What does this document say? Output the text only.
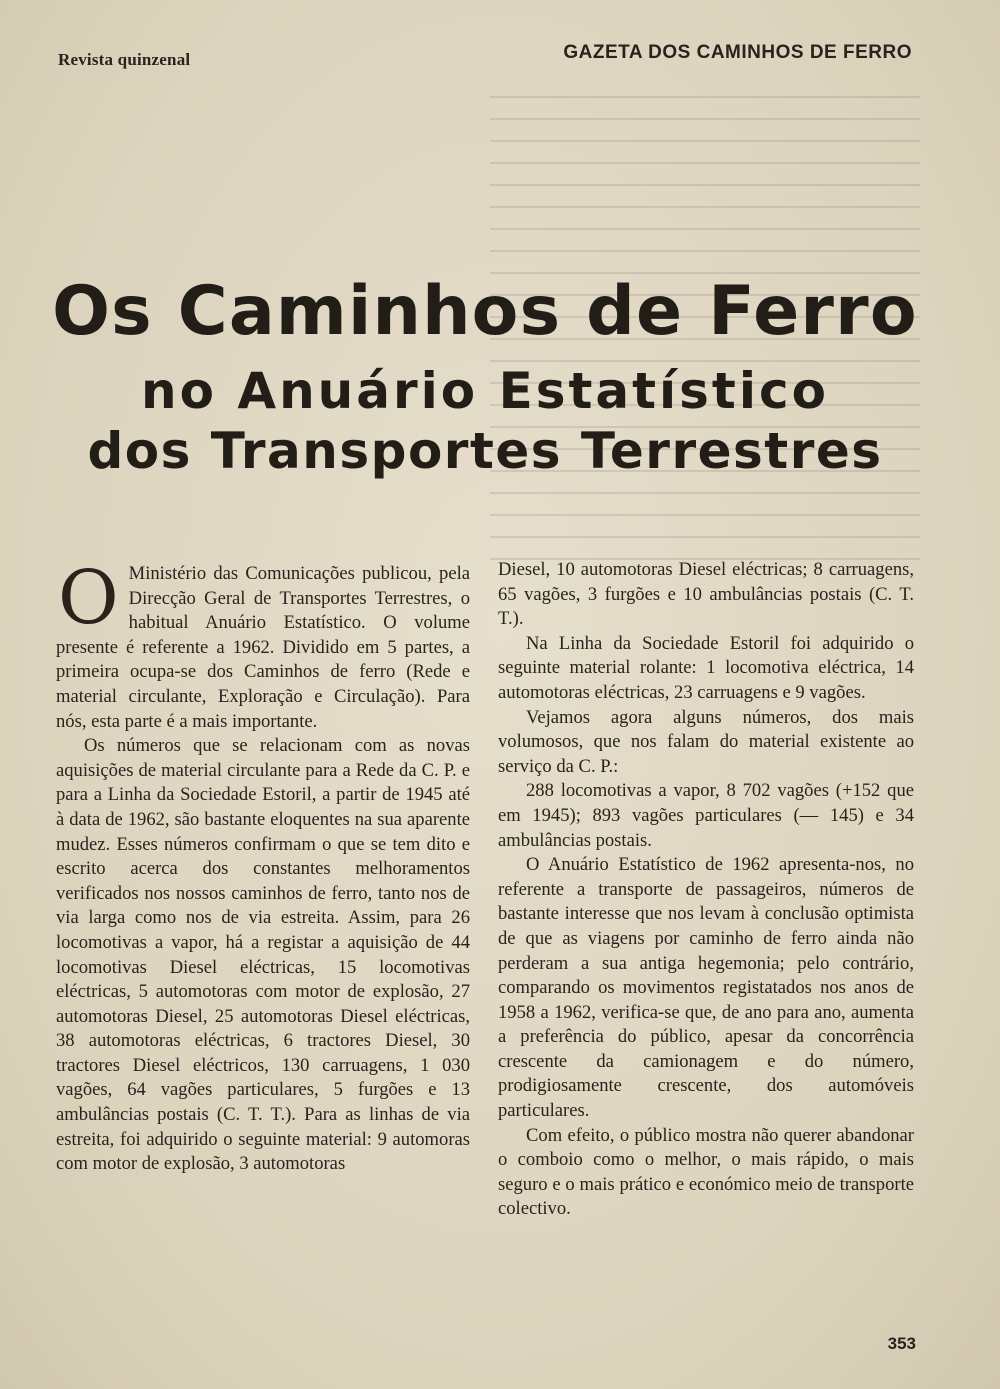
Revista quinzenal	GAZETA DOS CAMINHOS DE FERRO
Os Caminhos de Ferro
no Anuário Estatístico
dos Transportes Terrestres

O Ministério das Comunicações publicou, pela Direcção Geral de Transportes Terrestres, o habitual Anuário Estatístico. O volume presente é referente a 1962. Dividido em 5 partes, a primeira ocupa-se dos Caminhos de ferro (Rede e material circulante, Exploração e Circulação). Para nós, esta parte é a mais importante.

Os números que se relacionam com as novas aquisições de material circulante para a Rede da C. P. e para a Linha da Sociedade Estoril, a partir de 1945 até à data de 1962, são bastante eloquentes na sua aparente mudez. Esses números confirmam o que se tem dito e escrito acerca dos constantes melhoramentos verificados nos nossos caminhos de ferro, tanto nos de via larga como nos de via estreita. Assim, para 26 locomotivas a vapor, há a registar a aquisição de 44 locomotivas Diesel eléctricas, 15 locomotivas eléctricas, 5 automotoras com motor de explosão, 27 automotoras Diesel, 25 automotoras Diesel eléctricas, 38 automotoras eléctricas, 6 tractores Diesel, 30 tractores Diesel eléctricos, 130 carruagens, 1 030 vagões, 64 vagões particulares, 5 furgões e 13 ambulâncias postais (C. T. T.). Para as linhas de via estreita, foi adquirido o seguinte material: 9 automoras com motor de explosão, 3 automotoras

Diesel, 10 automotoras Diesel eléctricas; 8 carruagens, 65 vagões, 3 furgões e 10 ambulâncias postais (C. T. T.).

Na Linha da Sociedade Estoril foi adquirido o seguinte material rolante: 1 locomotiva eléctrica, 14 automotoras eléctricas, 23 carruagens e 9 vagões.

Vejamos agora alguns números, dos mais volumosos, que nos falam do material existente ao serviço da C. P.:

288 locomotivas a vapor, 8 702 vagões (+152 que em 1945); 893 vagões particulares (— 145) e 34 ambulâncias postais.

O Anuário Estatístico de 1962 apresenta-nos, no referente a transporte de passageiros, números de bastante interesse que nos levam à conclusão optimista de que as viagens por caminho de ferro ainda não perderam a sua antiga hegemonia; pelo contrário, comparando os movimentos registatados nos anos de 1958 a 1962, verifica-se que, de ano para ano, aumenta a preferência do público, apesar da concorrência crescente da camionagem e do número, prodigiosamente crescente, dos automóveis particulares.

Com efeito, o público mostra não querer abandonar o comboio como o melhor, o mais rápido, o mais seguro e o mais prático e económico meio de transporte colectivo.

353
